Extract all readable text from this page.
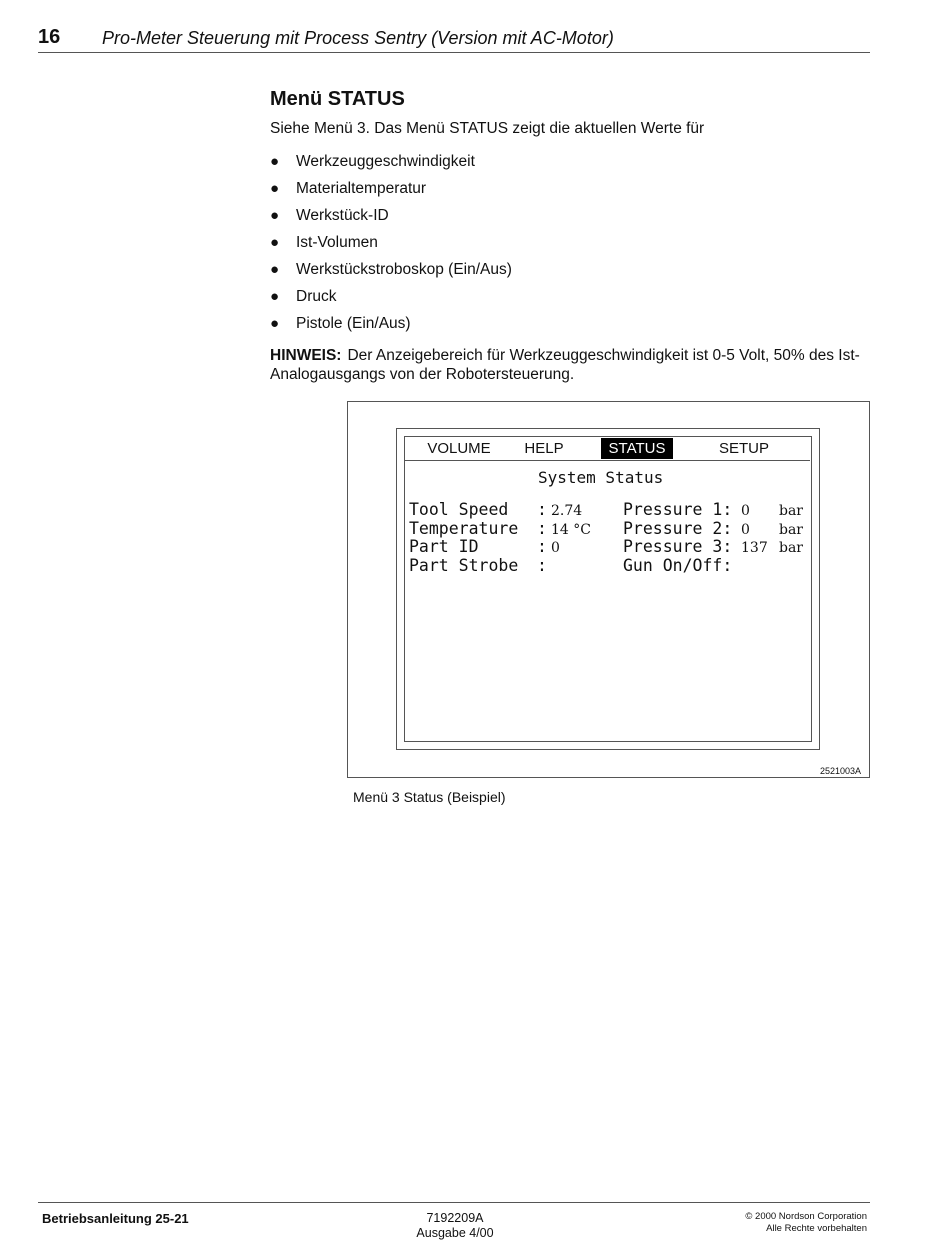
16 Pro-Meter Steuerung mit Process Sentry (Version mit AC-Motor)
Menü STATUS
Siehe Menü 3. Das Menü STATUS zeigt die aktuellen Werte für
● Werkzeuggeschwindigkeit
● Materialtemperatur
● Werkstück-ID
● Ist-Volumen
● Werkstückstroboskop (Ein/Aus)
● Druck
● Pistole (Ein/Aus)
HINWEIS: Der Anzeigebereich für Werkzeuggeschwindigkeit ist 0-5 Volt, 50% des Ist-Analogausgangs von der Robotersteuerung.
VOLUME	HELP	STATUS	SETUP
System Status
Tool Speed : 2.74
Temperature : 14 °C
Part ID	: 0
Part Strobe :
Pressure 1: 0 bar
Pressure 2: 0 bar
Pressure 3: 137 bar
Gun On/Off:
2521003A
Menü 3 Status (Beispiel)
Betriebsanleitung 25-21	7192209A
Ausgabe 4/00
© 2000 Nordson Corporation
Alle Rechte vorbehalten
